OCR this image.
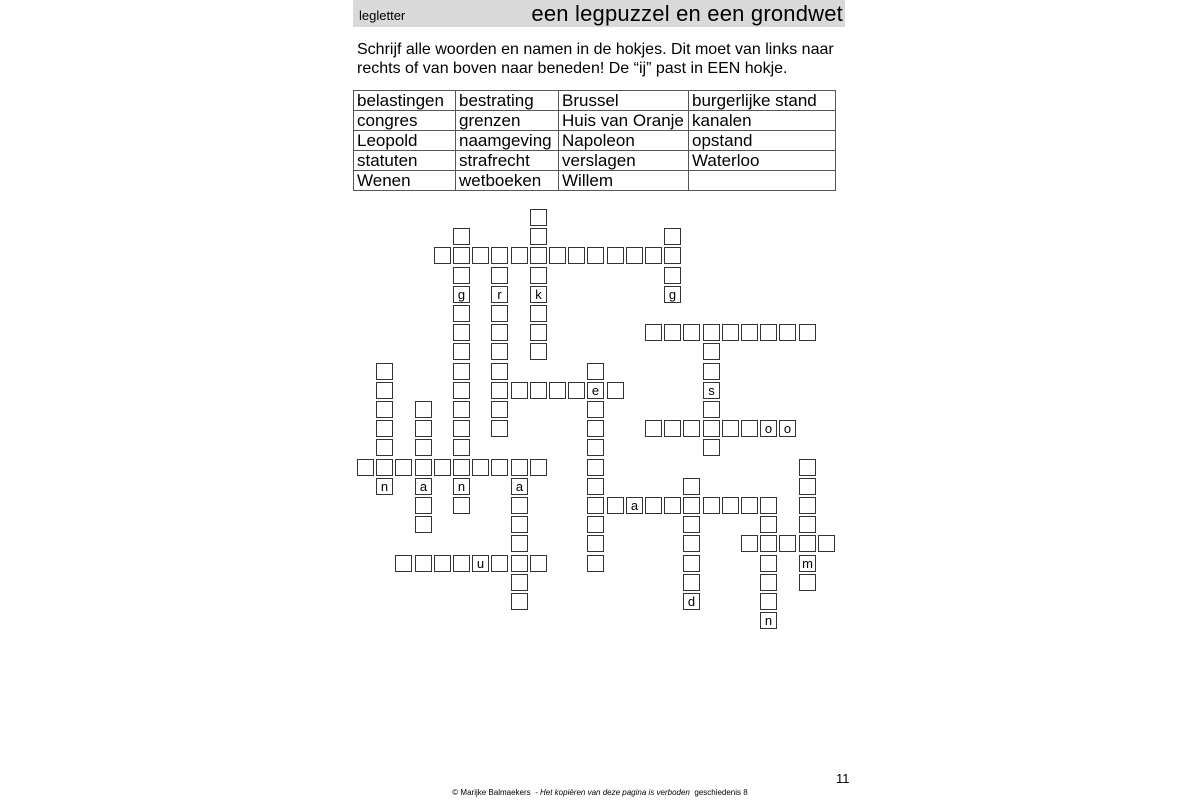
legletter	een legpuzzel en een grondwet
Schrijf alle woorden en namen in de hokjes. Dit moet van links naar
rechts of van boven naar beneden! De “ij” past in EEN hokje.
belastingen	bestrating	Brussel	burgerlijke stand
congres	grenzen	Huis van Oranje	kanalen
Leopold	naamgeving	Napoleon	opstand
statuten	strafrecht	verslagen	Waterloo
Wenen	wetboeken	Willem	
e
o o
a
u
k
g
n
g
r
s
n	a	a
d
n
m
11
© Marijke Balmaekers - Het kopiëren van deze pagina is verboden geschiedenis 8
